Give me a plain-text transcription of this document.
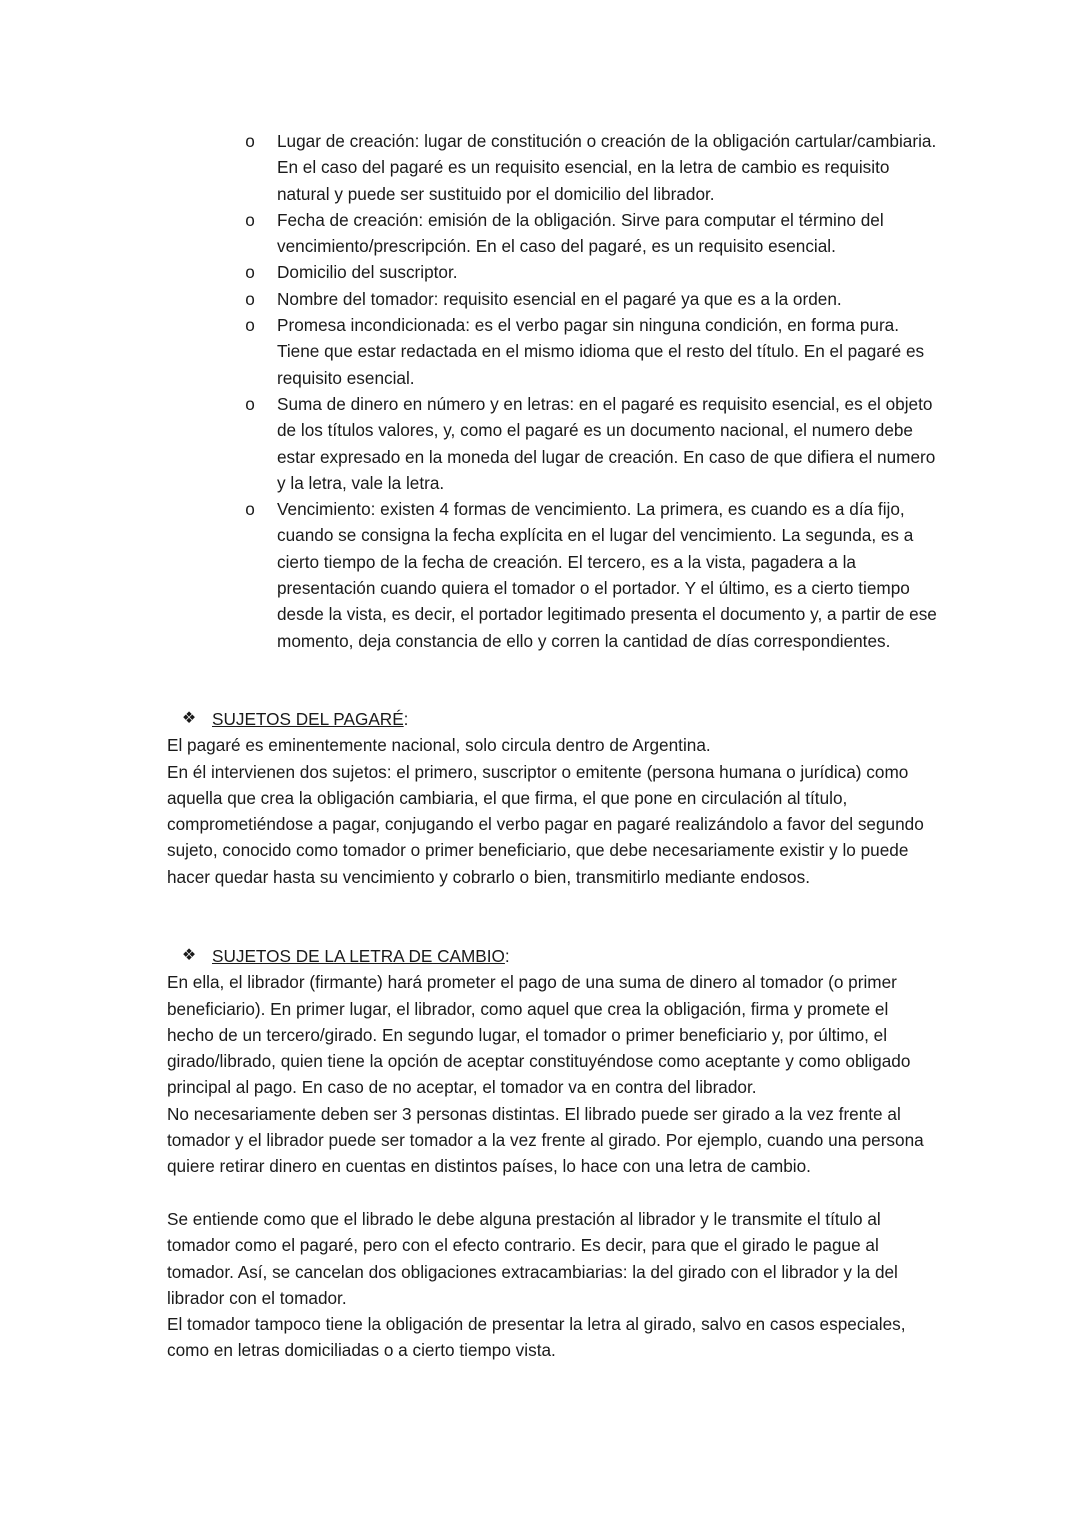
o Lugar de creación: lugar de constitución o creación de la obligación cartular/cambiaria. En el caso del pagaré es un requisito esencial, en la letra de cambio es requisito natural y puede ser sustituido por el domicilio del librador.
o Fecha de creación: emisión de la obligación. Sirve para computar el término del vencimiento/prescripción. En el caso del pagaré, es un requisito esencial.
o Domicilio del suscriptor.
o Nombre del tomador: requisito esencial en el pagaré ya que es a la orden.
o Promesa incondicionada: es el verbo pagar sin ninguna condición, en forma pura. Tiene que estar redactada en el mismo idioma que el resto del título. En el pagaré es requisito esencial.
o Suma de dinero en número y en letras: en el pagaré es requisito esencial, es el objeto de los títulos valores, y, como el pagaré es un documento nacional, el numero debe estar expresado en la moneda del lugar de creación. En caso de que difiera el numero y la letra, vale la letra.
o Vencimiento: existen 4 formas de vencimiento. La primera, es cuando es a día fijo, cuando se consigna la fecha explícita en el lugar del vencimiento. La segunda, es a cierto tiempo de la fecha de creación. El tercero, es a la vista, pagadera a la presentación cuando quiera el tomador o el portador. Y el último, es a cierto tiempo desde la vista, es decir, el portador legitimado presenta el documento y, a partir de ese momento, deja constancia de ello y corren la cantidad de días correspondientes.

❖ SUJETOS DEL PAGARÉ:

El pagaré es eminentemente nacional, solo circula dentro de Argentina.

En él intervienen dos sujetos: el primero, suscriptor o emitente (persona humana o jurídica) como aquella que crea la obligación cambiaria, el que firma, el que pone en circulación al título, comprometiéndose a pagar, conjugando el verbo pagar en pagaré realizándolo a favor del segundo sujeto, conocido como tomador o primer beneficiario, que debe necesariamente existir y lo puede hacer quedar hasta su vencimiento y cobrarlo o bien, transmitirlo mediante endosos.

❖ SUJETOS DE LA LETRA DE CAMBIO:

En ella, el librador (firmante) hará prometer el pago de una suma de dinero al tomador (o primer beneficiario). En primer lugar, el librador, como aquel que crea la obligación, firma y promete el hecho de un tercero/girado. En segundo lugar, el tomador o primer beneficiario y, por último, el girado/librado, quien tiene la opción de aceptar constituyéndose como aceptante y como obligado principal al pago. En caso de no aceptar, el tomador va en contra del librador.

No necesariamente deben ser 3 personas distintas. El librado puede ser girado a la vez frente al tomador y el librador puede ser tomador a la vez frente al girado. Por ejemplo, cuando una persona quiere retirar dinero en cuentas en distintos países, lo hace con una letra de cambio.

Se entiende como que el librado le debe alguna prestación al librador y le transmite el título al tomador como el pagaré, pero con el efecto contrario. Es decir, para que el girado le pague al tomador. Así, se cancelan dos obligaciones extracambiarias: la del girado con el librador y la del librador con el tomador.

El tomador tampoco tiene la obligación de presentar la letra al girado, salvo en casos especiales, como en letras domiciliadas o a cierto tiempo vista.
